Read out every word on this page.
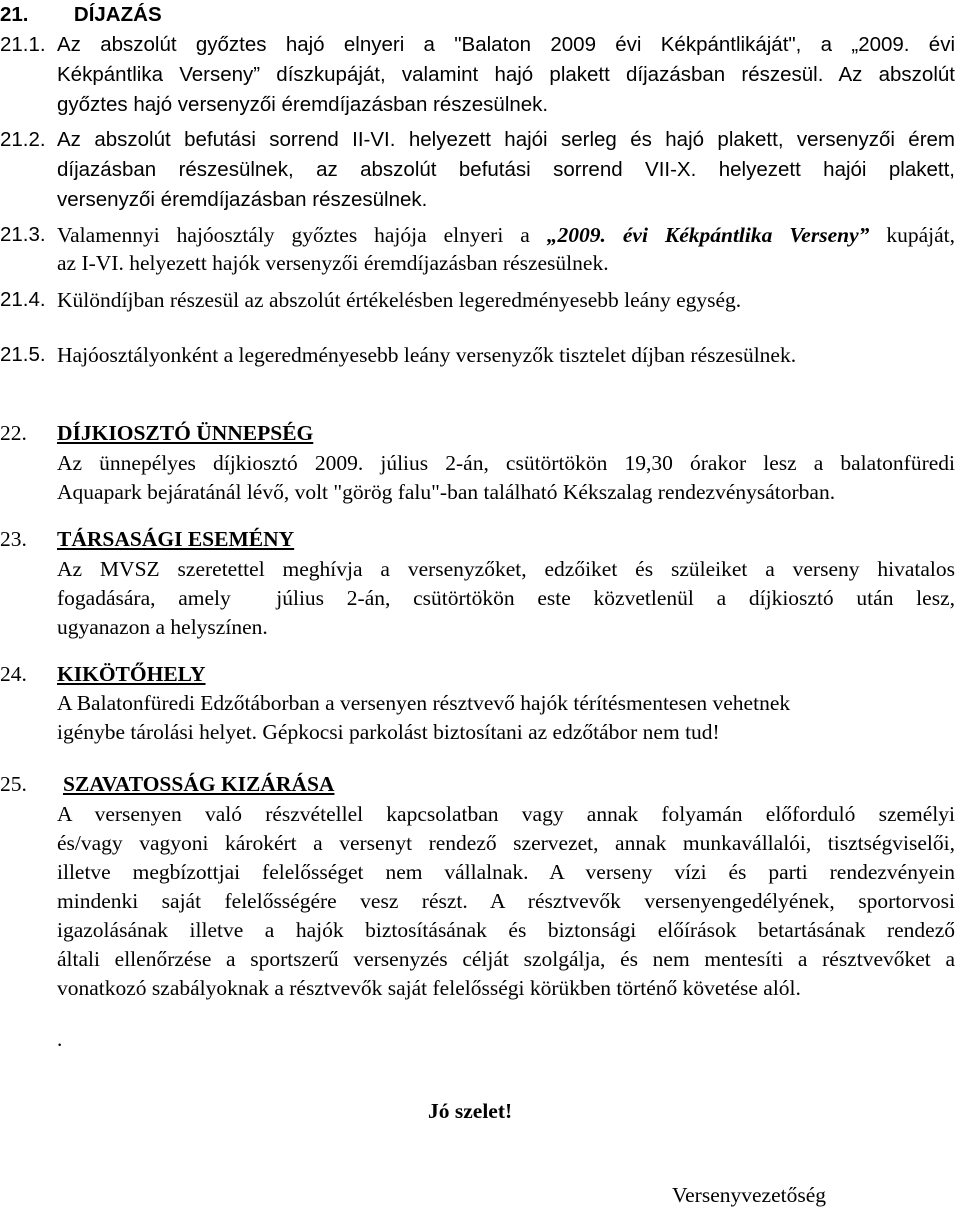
21. DÍJAZÁS
21.1. Az abszolút győztes hajó elnyeri a "Balaton 2009 évi Kékpántlikáját", a „2009. évi
Kékpántlika Verseny” díszkupáját, valamint hajó plakett díjazásban részesül. Az abszolút
győztes hajó versenyzői éremdíjazásban részesülnek.
21.2. Az abszolút befutási sorrend II-VI. helyezett hajói serleg és hajó plakett, versenyzői érem
díjazásban részesülnek, az abszolút befutási sorrend VII-X. helyezett hajói plakett,
versenyzői éremdíjazásban részesülnek.
21.3. Valamennyi hajóosztály győztes hajója elnyeri a „2009. évi Kékpántlika Verseny” kupáját,
az I-VI. helyezett hajók versenyzői éremdíjazásban részesülnek.
21.4. Különdíjban részesül az abszolút értékelésben legeredményesebb leány egység.
21.5. Hajóosztályonként a legeredményesebb leány versenyzők tisztelet díjban részesülnek.
22. DÍJKIOSZTÓ ÜNNEPSÉG
Az ünnepélyes díjkiosztó 2009. július 2-án, csütörtökön 19,30 órakor lesz a balatonfüredi
Aquapark bejáratánál lévő, volt "görög falu"-ban található Kékszalag rendezvénysátorban.
23. TÁRSASÁGI ESEMÉNY
Az MVSZ szeretettel meghívja a versenyzőket, edzőiket és szüleiket a verseny hivatalos
fogadására, amely  július 2-án, csütörtökön este közvetlenül a díjkiosztó után lesz,
ugyanazon a helyszínen.
24. KIKÖTŐHELY
A Balatonfüredi Edzőtáborban a versenyen résztvevő hajók térítésmentesen vehetnek
igénybe tárolási helyet. Gépkocsi parkolást biztosítani az edzőtábor nem tud!
25. SZAVATOSSÁG KIZÁRÁSA
A versenyen való részvétellel kapcsolatban vagy annak folyamán előforduló személyi
és/vagy vagyoni károkért a versenyt rendező szervezet, annak munkavállalói, tisztségviselői,
illetve megbízottjai felelősséget nem vállalnak. A verseny vízi és parti rendezvényein
mindenki saját felelősségére vesz részt. A résztvevők versenyengedélyének, sportorvosi
igazolásának illetve a hajók biztosításának és biztonsági előírások betartásának rendező
általi ellenőrzése a sportszerű versenyzés célját szolgálja, és nem mentesíti a résztvevőket a
vonatkozó szabályoknak a résztvevők saját felelősségi körükben történő követése alól.
.
Jó szelet!
Versenyvezetőség
